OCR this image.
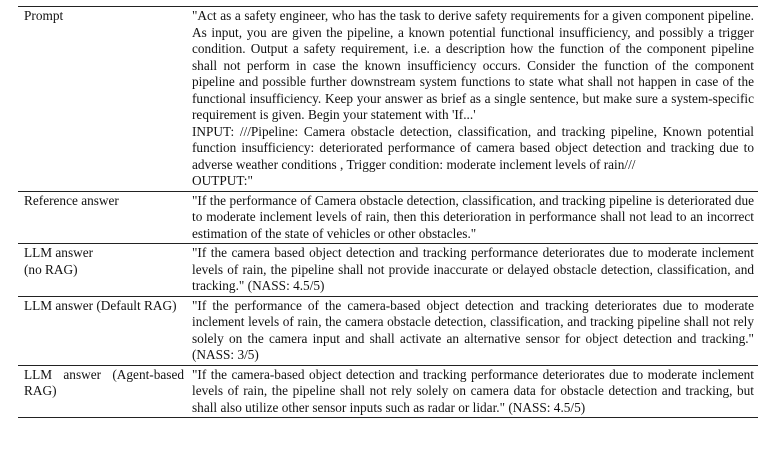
Prompt	"Act as a safety engineer, who has the task to derive safety requirements for a given component pipeline. As input, you are given the pipeline, a known potential functional insufficiency, and possibly a trigger condition. Output a safety requirement, i.e. a description how the function of the component pipeline shall not perform in case the known insufficiency occurs. Consider the function of the component pipeline and possible further downstream system functions to state what shall not happen in case of the functional insufficiency. Keep your answer as brief as a single sentence, but make sure a system-specific requirement is given. Begin your statement with 'If...'
INPUT: ///Pipeline: Camera obstacle detection, classification, and tracking pipeline, Known potential function insufficiency: deteriorated performance of camera based object detection and tracking due to adverse weather conditions , Trigger condition: moderate inclement levels of rain///
OUTPUT:"

Reference answer	"If the performance of Camera obstacle detection, classification, and tracking pipeline is deteriorated due to moderate inclement levels of rain, then this deterioration in performance shall not lead to an incorrect estimation of the state of vehicles or other obstacles."
LLM answer
(no RAG)	"If the camera based object detection and tracking performance deteriorates due to moderate inclement levels of rain, the pipeline shall not provide inaccurate or delayed obstacle detection, classification, and tracking." (NASS: 4.5/5)
LLM answer (Default RAG)	"If the performance of the camera-based object detection and tracking deteriorates due to moderate inclement levels of rain, the camera obstacle detection, classification, and tracking pipeline shall not rely solely on the camera input and shall activate an alternative sensor for object detection and tracking." (NASS: 3/5)
LLM answer (Agent-based RAG)	"If the camera-based object detection and tracking performance deteriorates due to moderate inclement levels of rain, the pipeline shall not rely solely on camera data for obstacle detection and tracking, but shall also utilize other sensor inputs such as radar or lidar." (NASS: 4.5/5)
